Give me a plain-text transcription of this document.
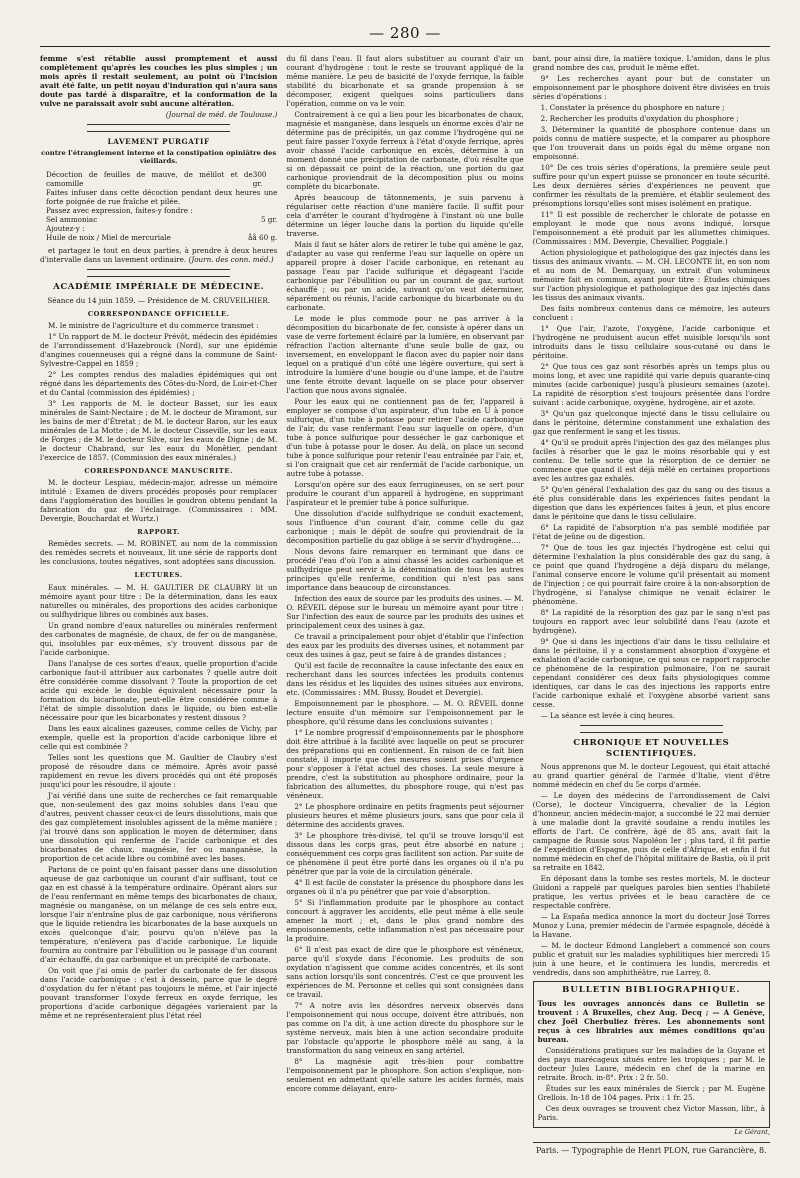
— 280 —

femme s'est rétablie aussi promptement et aussi complètement qu'après les couches les plus simples ; un mois après il restait seulement, au point où l'incision avait été faite, un petit noyau d'induration qui n'aura sans doute pas tardé à disparaître, et la conformation de la vulve ne paraissait avoir subi aucune altération.

(Journal de méd. de Toulouse.)

LAVEMENT PURGATIF
contre l'étranglement interne et la constipation opiniâtre des vieillards.
Décoction de feuilles de mauve, de mélilot et de camomille
300 gr.
Faites infuser dans cette décoction pendant deux heures une forte poignée de rue fraîche et pilée.
Passez avec expression, faites-y fondre :
Sel ammoniac	5 gr.
Ajoutez-y :
Huile de noix / Miel de mercuriale	åå 60 g.

et partagez le tout en deux parties, à prendre à deux heures d'intervalle dans un lavement ordinaire. (Journ. des conn. méd.)

ACADÉMIE IMPÉRIALE DE MÉDECINE.

Séance du 14 juin 1859. — Présidence de M. CRUVEILHIER.

CORRESPONDANCE OFFICIELLE.

M. le ministre de l'agriculture et du commerce transmet :

1° Un rapport de M. le docteur Prévôt, médecin des épidémies de l'arrondissement d'Hazebrouck (Nord), sur une épidémie d'angines couenneuses qui a régné dans la commune de Saint-Sylvestre-Cappel en 1859 ;

2° Les comptes rendus des maladies épidémiques qui ont régné dans les départements des Côtes-du-Nord, de Loir-et-Cher et du Cantal (commission des épidémies) ;

3° Les rapports de M. le docteur Basset, sur les eaux minérales de Saint-Nectaire ; de M. le docteur de Miramont, sur les bains de mer d'Étretat ; de M. le docteur Baron, sur les eaux minérales de La Motte ; de M. le docteur Cisseville, sur les eaux de Forges ; de M. le docteur Silve, sur les eaux de Digne ; de M. le docteur Chabrand, sur les eaux du Monêtier, pendant l'exercice de 1857. (Commission des eaux minérales.)

CORRESPONDANCE MANUSCRITE.

M. le docteur Lespiau, médecin-major, adresse un mémoire intitulé : Examen de divers procédés proposés pour remplacer dans l'agglomération des houilles le goudron obtenu pendant la fabrication du gaz de l'éclairage. (Commissaires : MM. Devergie, Bouchardat et Wurtz.)

RAPPORT.

Remèdes secrets. — M. ROBINET, au nom de la commission des remèdes secrets et nouveaux, lit une série de rapports dont les conclusions, toutes négatives, sont adoptées sans discussion.

LECTURES.

Eaux minérales. — M. H. GAULTIER DE CLAUBRY lit un mémoire ayant pour titre : De la détermination, dans les eaux naturelles ou minérales, des proportions des acides carbonique ou sulfhydrique libres ou combinés aux bases.

Un grand nombre d'eaux naturelles ou minérales renferment des carbonates de magnésie, de chaux, de fer ou de manganèse, qui, insolubles par eux-mêmes, s'y trouvent dissous par de l'acide carbonique.

Dans l'analyse de ces sortes d'eaux, quelle proportion d'acide carbonique faut-il attribuer aux carbonates ? quelle autre doit être considérée comme dissolvant ? Toute la proportion de cet acide qui excède le double équivalent nécessaire pour la formation du bicarbonate, peut-elle être considérée comme à l'état de simple dissolution dans le liquide, ou bien est-elle nécessaire pour que les bicarbonates y restent dissous ?

Dans les eaux alcalines gazeuses, comme celles de Vichy, par exemple, quelle est la proportion d'acide carbonique libre et celle qui est combinée ?

Telles sont les questions que M. Gaultier de Claubry s'est proposé de résoudre dans ce mémoire. Après avoir passé rapidement en revue les divers procédés qui ont été proposés jusqu'ici pour les résoudre, il ajoute :

J'ai vérifié dans une suite de recherches ce fait remarquable que, non-seulement des gaz moins solubles dans l'eau que d'autres, peuvent chasser ceux-ci de leurs dissolutions, mais que des gaz complètement insolubles agissent de la même manière ; j'ai trouvé dans son application le moyen de déterminer, dans une dissolution qui renferme de l'acide carbonique et des bicarbonates de chaux, magnésie, fer ou manganèse, la proportion de cet acide libre ou combiné avec les bases.

Partons de ce point qu'en faisant passer dans une dissolution aqueuse de gaz carbonique un courant d'air suffisant, tout ce gaz en est chassé à la température ordinaire. Opérant alors sur de l'eau renfermant en même temps des bicarbonates de chaux, magnésie ou manganèse, on un mélange de ces sels entre eux, lorsque l'air n'entraîne plus de gaz carbonique, nous vérifierons que le liquide retiendra les bicarbonates de la base auxquels un excès quelconque d'air, pourvu qu'on n'élève pas la température, n'enlèvera pas d'acide carbonique. Le liquide fournira au contraire par l'ébullition ou le passage d'un courant d'air échauffé, du gaz carbonique et un précipité de carbonate.

On voit que j'ai omis de parler du carbonate de fer dissous dans l'acide carbonique : c'est à dessein, parce que le degré d'oxydation du fer n'étant pas toujours le même, et l'air injecté pouvant transformer l'oxyde ferreux en oxyde ferrique, les proportions d'acide carbonique dégagées varieraient par la même et ne représenteraient plus l'état réel

du fil dans l'eau. Il faut alors substituer au courant d'air un courant d'hydrogène : tout le reste se trouvant appliqué de la même manière. Le peu de basicité de l'oxyde ferrique, la faible stabilité du bicarbonate et sa grande propension à se décomposer, exigent quelques soins particuliers dans l'opération, comme on va le voir.

Contrairement à ce qui a lieu pour les bicarbonates de chaux, magnésie et manganèse, dans lesquels un énorme excès d'air ne détermine pas de précipités, un gaz comme l'hydrogène qui ne peut faire passer l'oxyde ferreux à l'état d'oxyde ferrique, après avoir chassé l'acide carbonique en excès, détermine à un moment donné une précipitation de carbonate, d'où résulte que si on dépassait ce point de la réaction, une portion du gaz carbonique proviendrait de la décomposition plus ou moins complète du bicarbonate.

Après beaucoup de tâtonnements, je suis parvenu à régulariser cette réaction d'une manière facile. Il suffit pour cela d'arrêter le courant d'hydrogène à l'instant où une bulle détermine un léger louche dans la portion du liquide qu'elle traverse.

Mais il faut se hâter alors de retirer le tube qui amène le gaz, d'adapter au vase qui renferme l'eau sur laquelle on opère un appareil propre à doser l'acide carbonique, en retenant au passage l'eau par l'acide sulfurique et dégageant l'acide carbonique par l'ébullition ou par un courant de gaz, surtout échauffé ; ou par un acide, suivant qu'on veut déterminer, séparément ou réunis, l'acide carbonique du bicarbonate ou du carbonate.

Le mode le plus commode pour ne pas arriver à la décomposition du bicarbonate de fer, consiste à opérer dans un vase de verre fortement éclairé par la lumière, en observant par réfraction l'action alternante d'une seule bulle de gaz, ou inversement, en enveloppant le flacon avec du papier noir dans lequel on a pratiqué d'un côté une légère ouverture, qui sert à introduire la lumière d'une bougie ou d'une lampe, et de l'autre une fente étroite devant laquelle on se place pour observer l'action que nous avons signalée.

Pour les eaux qui ne contiennent pas de fer, l'appareil à employer se compose d'un aspirateur, d'un tube en U à ponce sulfurique, d'un tube à potasse pour retirer l'acide carbonique de l'air, du vase renfermant l'eau sur laquelle on opère, d'un tube à ponce sulfurique pour dessécher le gaz carbonique et d'un tube à potasse pour le doser. Au delà, on place un second tube à ponce sulfurique pour retenir l'eau entraînée par l'air, et, si l'on craignait que cet air renfermât de l'acide carbonique, un autre tube à potasse.

Lorsqu'on opère sur des eaux ferrugineuses, on se sert pour produire le courant d'un appareil à hydrogène, en supprimant l'aspirateur et le premier tube à ponce sulfurique.

Une dissolution d'acide sulfhydrique se conduit exactement, sous l'influence d'un courant d'air, comme celle du gaz carbonique ; mais le dépôt de soufre qui proviendrait de la décomposition partielle du gaz oblige à se servir d'hydrogène....

Nous devons faire remarquer en terminant que dans ce procédé l'eau d'où l'on a ainsi chassé les acides carbonique et sulfhydrique peut servir à la détermination de tous les autres principes qu'elle renferme, condition qui n'est pas sans importance dans beaucoup de circonstances.

Infection des eaux de source par les produits des usines. — M. O. RÉVEIL dépose sur le bureau un mémoire ayant pour titre : Sur l'infection des eaux de source par les produits des usines et principalement ceux des usines à gaz.

Ce travail a principalement pour objet d'établir que l'infection des eaux par les produits des diverses usines, et notamment par ceux des usines à gaz, peut se faire à de grandes distances ;

Qu'il est facile de reconnaître la cause infectante des eaux en recherchant dans les sources infectées les produits contenus dans les résidus et les liquides des usines situées aux environs, etc. (Commissaires : MM. Bussy, Boudet et Devergie).

Empoisonnement par le phosphore. — M. O. RÉVEIL donne lecture ensuite d'un mémoire sur l'empoisonnement par le phosphore, qu'il résume dans les conclusions suivantes :

1° Le nombre progressif d'empoisonnements par le phosphore doit être attribué à la facilité avec laquelle on peut se procurer des préparations qui en contiennent. En raison de ce fait bien constaté, il importe que des mesures soient prises d'urgence pour s'opposer à l'état actuel des choses. La seule mesure à prendre, c'est la substitution au phosphore ordinaire, pour la fabrication des allumettes, du phosphore rouge, qui n'est pas vénéneux.

2° Le phosphore ordinaire en petits fragments peut séjourner plusieurs heures et même plusieurs jours, sans que pour cela il détermine des accidents graves.

3° Le phosphore très-divisé, tel qu'il se trouve lorsqu'il est dissous dans les corps gras, peut être absorbé en nature ; conséquemment ces corps gras facilitent son action. Par suite de ce phénomène il peut être porté dans les organes où il n'a pu pénétrer que par la voie de la circulation générale.

4° Il est facile de constater la présence du phosphore dans les organes où il n'a pu pénétrer que par voie d'absorption.

5° Si l'inflammation produite par le phosphore au contact concourt à aggraver les accidents, elle peut même à elle seule amener la mort ; et, dans le plus grand nombre des empoisonnements, cette inflammation n'est pas nécessaire pour la produire.

6° Il n'est pas exact de dire que le phosphore est vénéneux, parce qu'il s'oxyde dans l'économie. Les produits de son oxydation n'agissent que comme acides concentrés, et ils sont sans action lorsqu'ils sont concentrés. C'est ce que prouvent les expériences de M. Personne et celles qui sont consignées dans ce travail.

7° A notre avis les désordres nerveux observés dans l'empoisonnement qui nous occupe, doivent être attribués, non pas comme on l'a dit, à une action directe du phosphore sur le système nerveux, mais bien à une action secondaire produite par l'obstacle qu'apporte le phosphore mêlé au sang, à la transformation du sang veineux en sang artériel.

8° La magnésie agit très-bien pour combattre l'empoisonnement par le phosphore. Son action s'explique, non-seulement en admettant qu'elle sature les acides formés, mais encore comme délayant, enro-

bant, pour ainsi dire, la matière toxique. L'amidon, dans le plus grand nombre des cas, produit le même effet.

9° Les recherches ayant pour but de constater un empoisonnement par le phosphore doivent être divisées en trois séries d'opérations :

1. Constater la présence du phosphore en nature ;

2. Rechercher les produits d'oxydation du phosphore ;

3. Déterminer la quantité de phosphore contenue dans un poids connu de matière suspecte, et la comparer au phosphore que l'on trouverait dans un poids égal du même organe non empoisonné.

10° De ces trois séries d'opérations, la première seule peut suffire pour qu'un expert puisse se prononcer en toute sécurité. Les deux dernières séries d'expériences ne peuvent que confirmer les résultats de la première, et établir seulement des présomptions lorsqu'elles sont mises isolément en pratique.

11° Il est possible de rechercher le chlorate de potasse en employant le mode que nous avons indiqué, lorsque l'empoisonnement a été produit par les allumettes chimiques. (Commissaires : MM. Devergie, Chevallier, Poggiale.)

Action physiologique et pathologique des gaz injectés dans les tissus des animaux vivants. — M. CH. LECONTE lit, en son nom et au nom de M. Demarquay, un extrait d'un volumineux mémoire fait en commun, ayant pour titre : Études chimiques sur l'action physiologique et pathologique des gaz injectés dans les tissus des animaux vivants.

Des faits nombreux contenus dans ce mémoire, les auteurs concluent :

1° Que l'air, l'azote, l'oxygène, l'acide carbonique et l'hydrogène ne produisent aucun effet nuisible lorsqu'ils sont introduits dans le tissu cellulaire sous-cutané ou dans le péritoine.

2° Que tous ces gaz sont résorbés après un temps plus ou moins long, et avec une rapidité qui varie depuis quarante-cinq minutes (acide carbonique) jusqu'à plusieurs semaines (azote). La rapidité de résorption s'est toujours présentée dans l'ordre suivant : acide carbonique, oxygène, hydrogène, air et azote.

3° Qu'un gaz quelconque injecté dans le tissu cellulaire ou dans le péritoine, détermine constamment une exhalation des gaz que renferment le sang et les tissus.

4° Qu'il se produit après l'injection des gaz des mélanges plus faciles à résorber que le gaz le moins résorbable qui y est contenu. De telle sorte que la résorption de ce dernier ne commence que quand il est déjà mêlé en certaines proportions avec les autres gaz exhalés.

5° Qu'en général l'exhalation des gaz du sang ou des tissus a été plus considérable dans les expériences faites pendant la digestion que dans les expériences faites à jeun, et plus encore dans le péritoine que dans le tissu cellulaire.

6° La rapidité de l'absorption n'a pas semblé modifiée par l'état de jeûne ou de digestion.

7° Que de tous les gaz injectés l'hydrogène est celui qui détermine l'exhalation la plus considérable des gaz du sang, à ce point que quand l'hydrogène a déjà disparu du mélange, l'animal conserve encore le volume qu'il présentait au moment de l'injection ; ce qui pourrait faire croire à la non-absorption de l'hydrogène, si l'analyse chimique ne venait éclairer le phénomène.

8° La rapidité de la résorption des gaz par le sang n'est pas toujours en rapport avec leur solubilité dans l'eau (azote et hydrogène).

9° Que si dans les injections d'air dans le tissu cellulaire et dans le péritoine, il y a constamment absorption d'oxygène et exhalation d'acide carbonique, ce qui sous ce rapport rapproche ce phénomène de la respiration pulmonaire, l'on ne saurait cependant considérer ces deux faits physiologiques comme identiques, car dans le cas des injections les rapports entre l'acide carbonique exhalé et l'oxygène absorbé varient sans cesse.

— La séance est levée à cinq heures.

CHRONIQUE ET NOUVELLES SCIENTIFIQUES.

Nous apprenons que M. le docteur Legouest, qui était attaché au grand quartier général de l'armée d'Italie, vient d'être nommé médecin en chef du 5e corps d'armée.

— Le doyen des médecins de l'arrondissement de Calvi (Corse), le docteur Vinciguerra, chevalier de la Légion d'honneur, ancien médecin-major, a succombé le 22 mai dernier à une maladie dont la gravité soudaine a rendu inutiles les efforts de l'art. Ce confrère, âgé de 85 ans, avait fait la campagne de Russie sous Napoléon Ier ; plus tard, il fit partie de l'expédition d'Espagne, puis de celle d'Afrique, et enfin il fut nommé médecin en chef de l'hôpital militaire de Bastia, où il prit sa retraite en 1842.

En déposant dans la tombe ses restes mortels, M. le docteur Guidoni a rappelé par quelques paroles bien senties l'habileté pratique, les vertus privées et le beau caractère de ce respectable confrère.

— La España medica annonce la mort du docteur José Torres Munoz y Luna, premier médecin de l'armée espagnole, décédé à la Havane.

— M. le docteur Edmond Langlebert a commencé son cours public et gratuit sur les maladies syphilitiques hier mercredi 15 juin à une heure, et le continuera les lundis, mercredis et vendredis, dans son amphithéâtre, rue Larrey, 8.

BULLETIN BIBLIOGRAPHIQUE.

Tous les ouvrages annoncés dans ce Bulletin se trouvent : A Bruxelles, chez Aug. Decq ; — A Genève, chez Joël Cherbuliez frères. Les abonnements sont reçus à ces librairies aux mêmes conditions qu'au bureau.

Considérations pratiques sur les maladies de la Guyane et des pays marécageux situés entre les tropiques ; par M. le docteur Jules Laure, médecin en chef de la marine en retraite. Broch. in-8°. Prix : 2 fr. 50.

Études sur les eaux minérales de Sierck ; par M. Eugène Grellois. In-18 de 104 pages. Prix : 1 fr. 25.

Ces deux ouvrages se trouvent chez Victor Masson, libr., à Paris.

Le Gérant,
Paris. — Typographie de Henri PLON, rue Garancière, 8.
